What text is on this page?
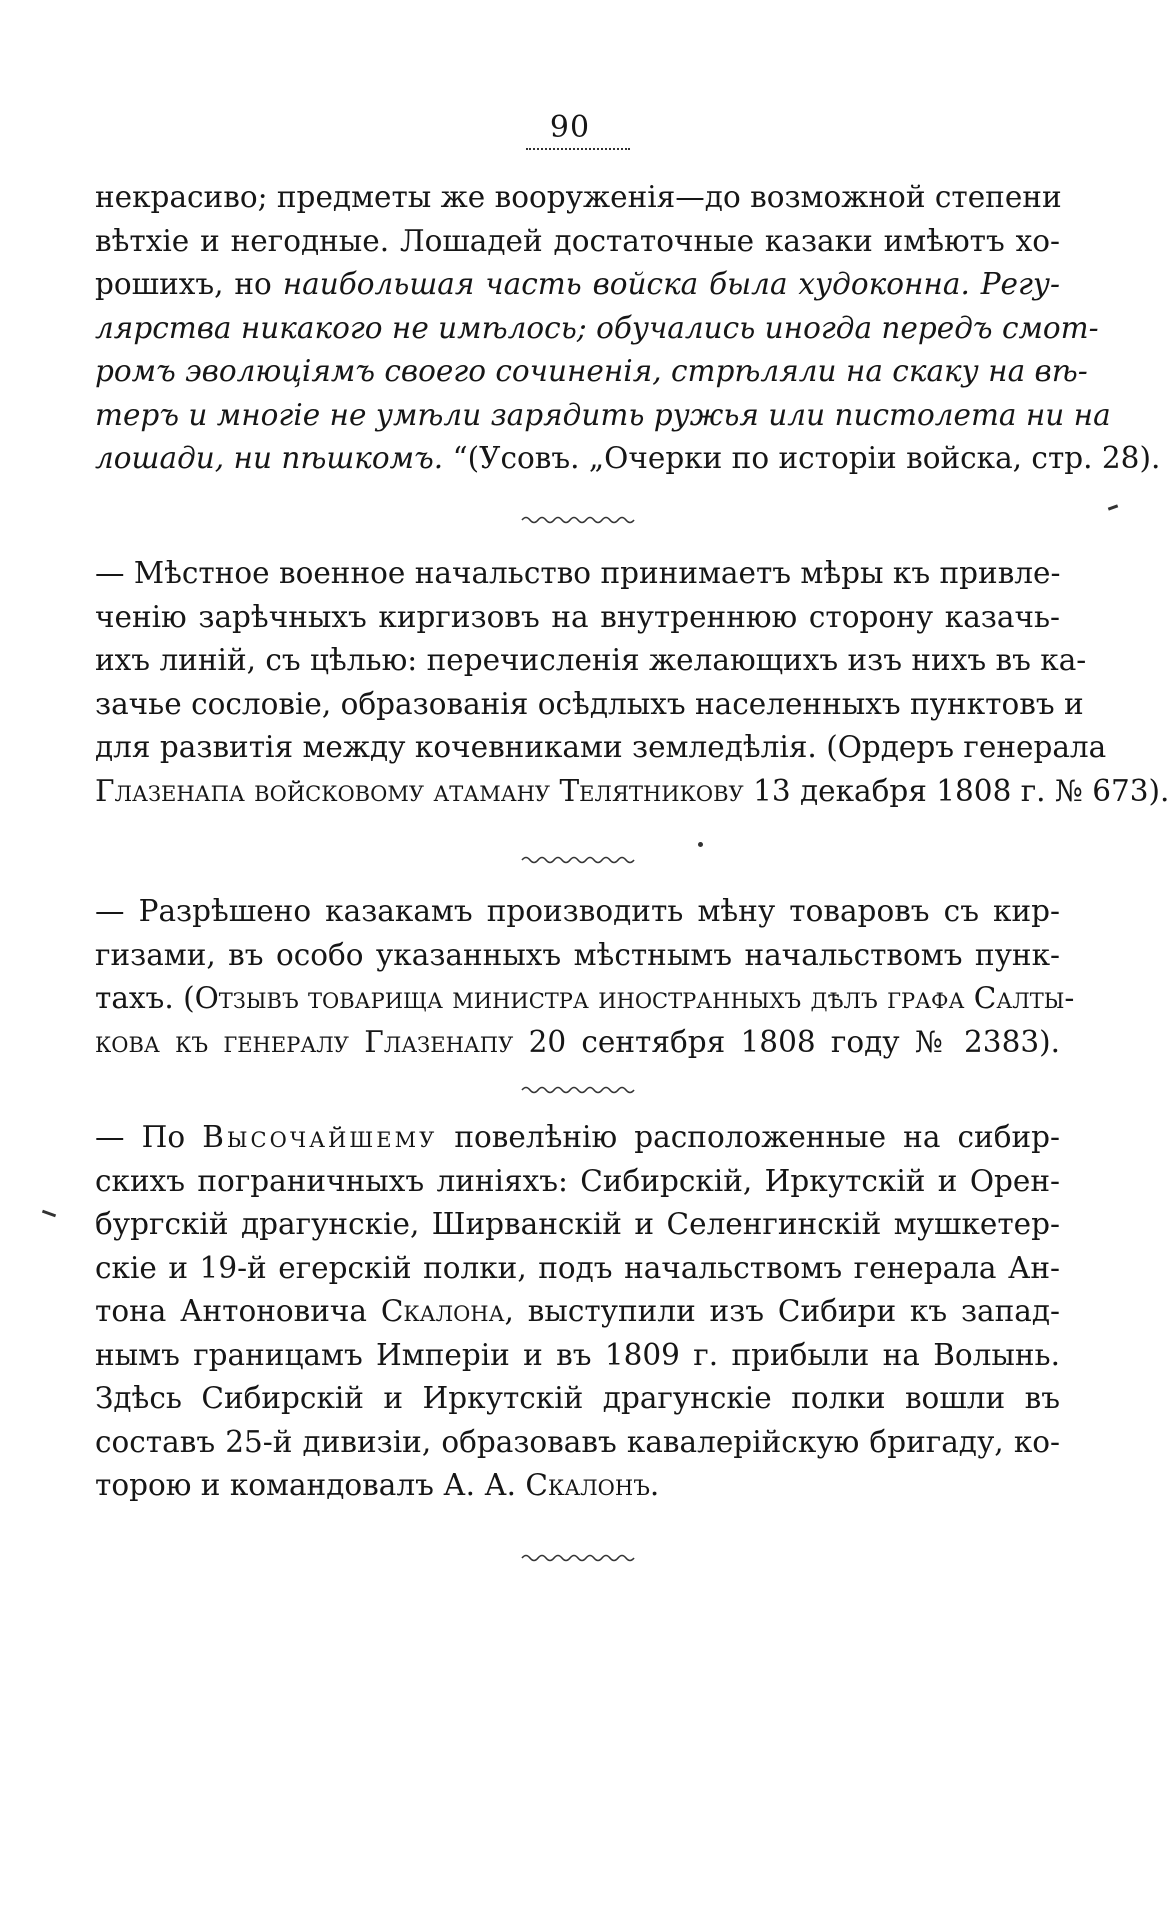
90
некрасиво; предметы же вооруженія—до возможной степени
вѣтхіе и негодные. Лошадей достаточные казаки имѣютъ хо-
рошихъ, но наибольшая часть войска была худоконна. Регу-
лярства никакого не имѣлось; обучались иногда передъ смот-
ромъ эволюціямъ своего сочиненія, стрѣляли на скаку на вѣ-
теръ и многіе не умѣли зарядить ружья или пистолета ни на
лошади, ни пѣшкомъ. “(Усовъ. „Очерки по исторіи войска, стр. 28).
— Мѣстное военное начальство принимаетъ мѣры къ привле-
ченію зарѣчныхъ киргизовъ на внутреннюю сторону казачь-
ихъ линій, съ цѣлью: перечисленія желающихъ изъ нихъ въ ка-
зачье сословіе, образованія осѣдлыхъ населенныхъ пунктовъ и
для развитія между кочевниками земледѣлія. (Ордеръ генерала
Глазенапа войсковому атаману Телятникову 13 декабря 1808 г. № 673).
— Разрѣшено казакамъ производить мѣну товаровъ съ кир-
гизами, въ особо указанныхъ мѣстнымъ начальствомъ пунк-
тахъ. (Отзывъ товарища министра иностранныхъ дѣлъ графа Салты-
кова къ генералу Глазенапу 20 сентября 1808 году № 2383).
— По Высочайшему повелѣнію расположенные на сибир-
скихъ пограничныхъ линіяхъ: Сибирскій, Иркутскій и Орен-
бургскій драгунскіе, Ширванскій и Селенгинскій мушкетер-
скіе и 19-й егерскій полки, подъ начальствомъ генерала Ан-
тона Антоновича Скалона, выступили изъ Сибири къ запад-
нымъ границамъ Имперіи и въ 1809 г. прибыли на Волынь.
Здѣсь Сибирскій и Иркутскій драгунскіе полки вошли въ
составъ 25-й дивизіи, образовавъ кавалерійскую бригаду, ко-
торою и командовалъ А. А. Скалонъ.
